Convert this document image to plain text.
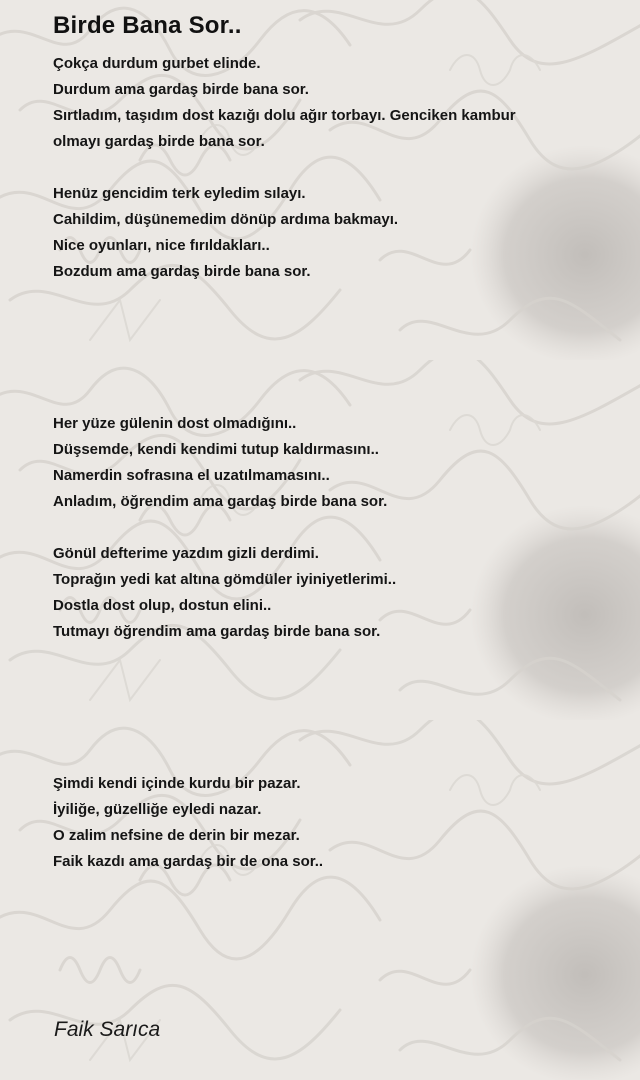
Birde Bana Sor..
Çokça durdum gurbet elinde.
Durdum ama gardaş birde bana sor.
Sırtladım, taşıdım dost kazığı dolu ağır torbayı. Genciken kambur olmayı gardaş birde bana sor.
Henüz gencidim terk eyledim sılayı.
Cahildim, düşünemedim dönüp ardıma bakmayı.
Nice oyunları, nice fırıldakları..
Bozdum ama gardaş birde bana sor.
Her yüze gülenin dost olmadığını..
Düşsemde, kendi kendimi tutup kaldırmasını..
Namerdin sofrasına el uzatılmamasını..
Anladım, öğrendim ama gardaş birde bana sor.
Gönül defterime yazdım gizli derdimi.
Toprağın yedi kat altına gömdüler iyiniyetlerimi..
Dostla dost olup, dostun elini..
Tutmayı öğrendim ama gardaş birde bana sor.
Şimdi kendi içinde kurdu bir pazar.
İyiliğe, güzelliğe eyledi nazar.
O zalim nefsine de derin bir mezar.
Faik kazdı ama gardaş bir de ona sor..
Faik Sarıca
